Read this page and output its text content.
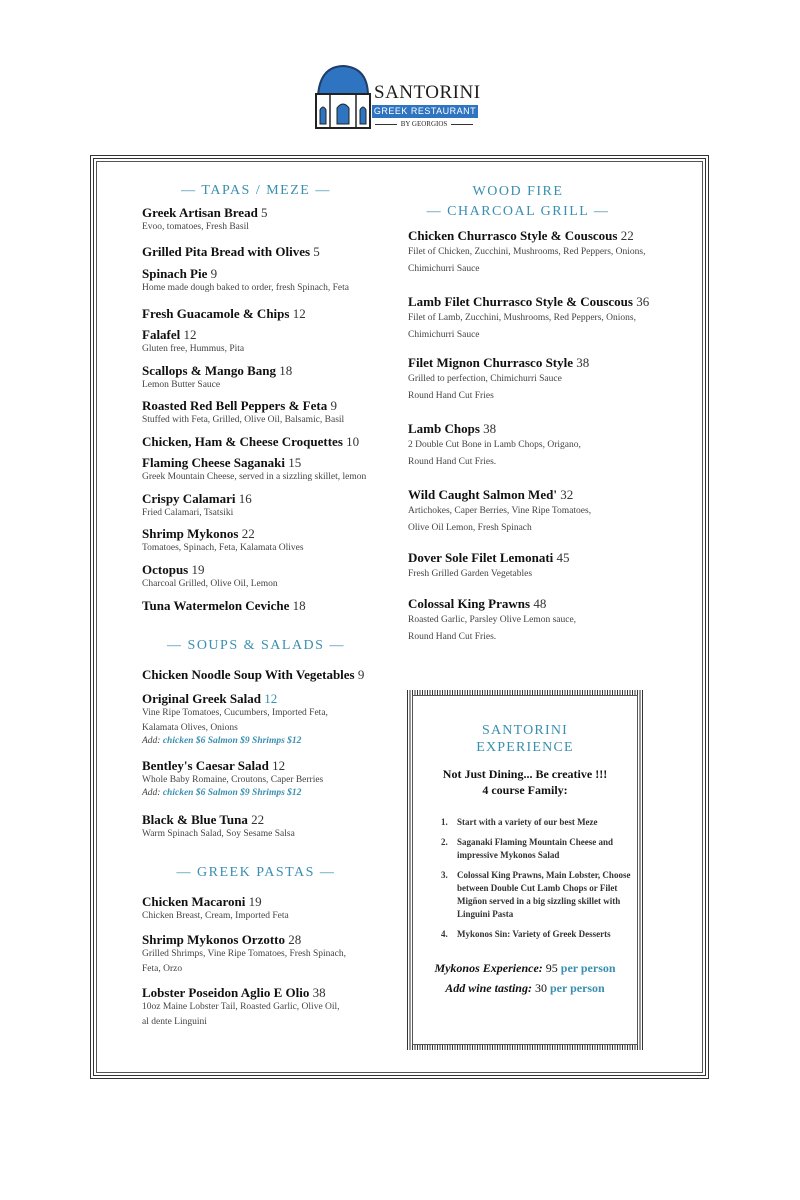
SANTORINI
GREEK RESTAURANT
BY GEORGIOS
— TAPAS / MEZE —
Greek Artisan Bread 5
Evoo, tomatoes, Fresh Basil
Grilled Pita Bread with Olives 5
Spinach Pie 9
Home made dough baked to order, fresh Spinach, Feta
Fresh Guacamole & Chips 12
Falafel 12
Gluten free, Hummus, Pita
Scallops & Mango Bang 18
Lemon Butter Sauce
Roasted Red Bell Peppers & Feta 9
Stuffed with Feta, Grilled, Olive Oil, Balsamic, Basil
Chicken, Ham & Cheese Croquettes 10
Flaming Cheese Saganaki 15
Greek Mountain Cheese, served in a sizzling skillet, lemon
Crispy Calamari 16
Fried Calamari, Tsatsiki
Shrimp Mykonos 22
Tomatoes, Spinach, Feta, Kalamata Olives
Octopus 19
Charcoal Grilled, Olive Oil, Lemon
Tuna Watermelon Ceviche 18
— SOUPS & SALADS —
Chicken Noodle Soup With Vegetables 9
Original Greek Salad 12
Vine Ripe Tomatoes, Cucumbers, Imported Feta,
Kalamata Olives, Onions
Add: chicken $6 Salmon $9 Shrimps $12
Bentley's Caesar Salad 12
Whole Baby Romaine, Croutons, Caper Berries
Add: chicken $6 Salmon $9 Shrimps $12
Black & Blue Tuna 22
Warm Spinach Salad, Soy Sesame Salsa
— GREEK PASTAS —
Chicken Macaroni 19
Chicken Breast, Cream, Imported Feta
Shrimp Mykonos Orzotto 28
Grilled Shrimps, Vine Ripe Tomatoes, Fresh Spinach,
Feta, Orzo
Lobster Poseidon Aglio E Olio 38
10oz Maine Lobster Tail, Roasted Garlic, Olive Oil,
al dente Linguini
WOOD FIRE
— CHARCOAL GRILL —
Chicken Churrasco Style & Couscous 22
Filet of Chicken, Zucchini, Mushrooms, Red Peppers, Onions,
Chimichurri Sauce
Lamb Filet Churrasco Style & Couscous 36
Filet of Lamb, Zucchini, Mushrooms, Red Peppers, Onions,
Chimichurri Sauce
Filet Mignon Churrasco Style 38
Grilled to perfection, Chimichurri Sauce
Round Hand Cut Fries
Lamb Chops 38
2 Double Cut Bone in Lamb Chops, Origano,
Round Hand Cut Fries.
Wild Caught Salmon Med' 32
Artichokes, Caper Berries, Vine Ripe Tomatoes,
Olive Oil Lemon, Fresh Spinach
Dover Sole Filet Lemonati 45
Fresh Grilled Garden Vegetables
Colossal King Prawns 48
Roasted Garlic, Parsley Olive Lemon sauce,
Round Hand Cut Fries.
SANTORINI
EXPERIENCE
Not Just Dining... Be creative !!!
4 course Family:
1.	Start with a variety of our best Meze
2.	Saganaki Flaming Mountain Cheese and impressive Mykonos Salad
3.	Colossal King Prawns, Main Lobster, Choose between Double Cut Lamb Chops or Filet Migñon served in a big sizzling skillet with Linguini Pasta
4.	Mykonos Sin: Variety of Greek Desserts
Mykonos Experience: 95 per person
Add wine tasting: 30 per person
